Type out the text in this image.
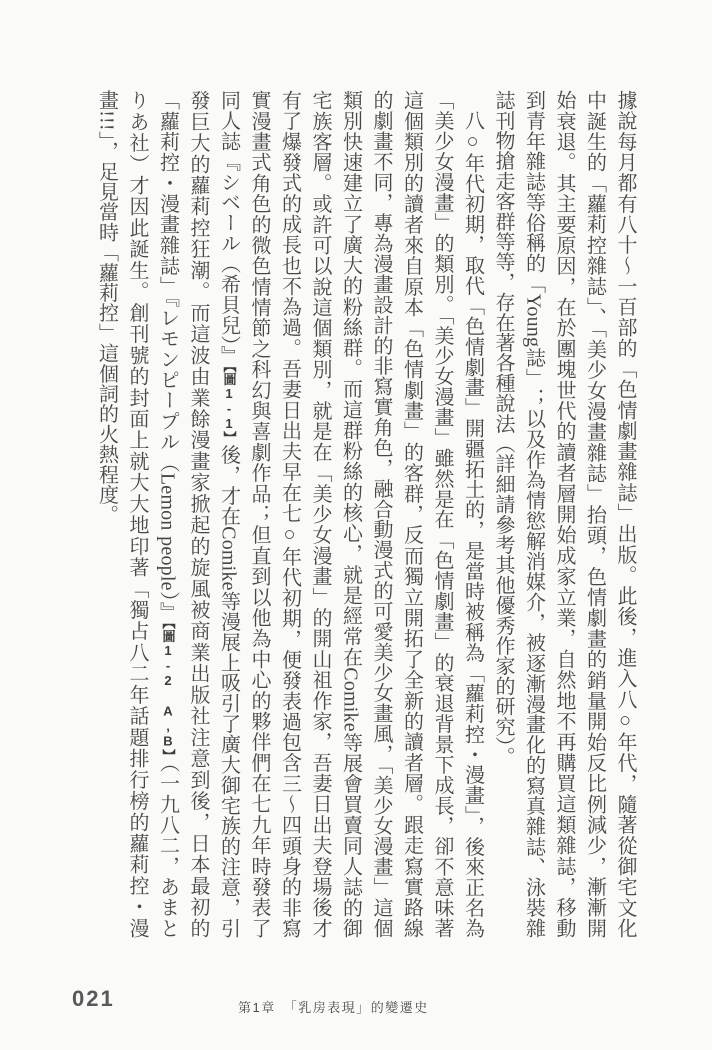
據說每月都有八十～一百部的「色情劇畫雜誌」出版。此後，進入八○年代，隨著從御宅文化中誕生的「蘿莉控雜誌」、「美少女漫畫雜誌」抬頭，色情劇畫的銷量開始反比例減少，漸漸開始衰退。其主要原因，在於團塊世代的讀者層開始成家立業，自然地不再購買這類雜誌，移動到青年雜誌等俗稱的「Young誌」；以及作為情慾解消媒介，被逐漸漫畫化的寫真雜誌、泳裝雜誌刊物搶走客群等等，存在著各種說法（詳細請參考其他優秀作家的研究）。

八○年代初期，取代「色情劇畫」開疆拓土的，是當時被稱為「蘿莉控・漫畫」，後來正名為「美少女漫畫」的類別。「美少女漫畫」雖然是在「色情劇畫」的衰退背景下成長，卻不意味著這個類別的讀者來自原本「色情劇畫」的客群，反而獨立開拓了全新的讀者層。跟走寫實路線的劇畫不同，專為漫畫設計的非寫實角色，融合動漫式的可愛美少女畫風，「美少女漫畫」這個類別快速建立了廣大的粉絲群。而這群粉絲的核心，就是經常在Comike等展會買賣同人誌的御宅族客層。或許可以說這個類別，就是在「美少女漫畫」的開山祖作家，吾妻日出夫登場後才有了爆發式的成長也不為過。吾妻日出夫早在七○年代初期，便發表過包含三～四頭身的非寫實漫畫式角色的微色情情節之科幻與喜劇作品；但直到以他為中心的夥伴們在七九年時發表了同人誌『シベール（希貝兒）』【圖1-1】後，才在Comike等漫展上吸引了廣大御宅族的注意，引發巨大的蘿莉控狂潮。而這波由業餘漫畫家掀起的旋風被商業出版社注意到後，日本最初的「蘿莉控・漫畫雜誌」『レモンピープル（Lemon people）』【圖1-2 A,B】（一九八二，あまとりあ社）才因此誕生。創刊號的封面上就大大地印著「獨占八二年話題排行榜的蘿莉控・漫畫!!!」，足見當時「蘿莉控」這個詞的火熱程度。

021	第1章　「乳房表現」的變遷史
